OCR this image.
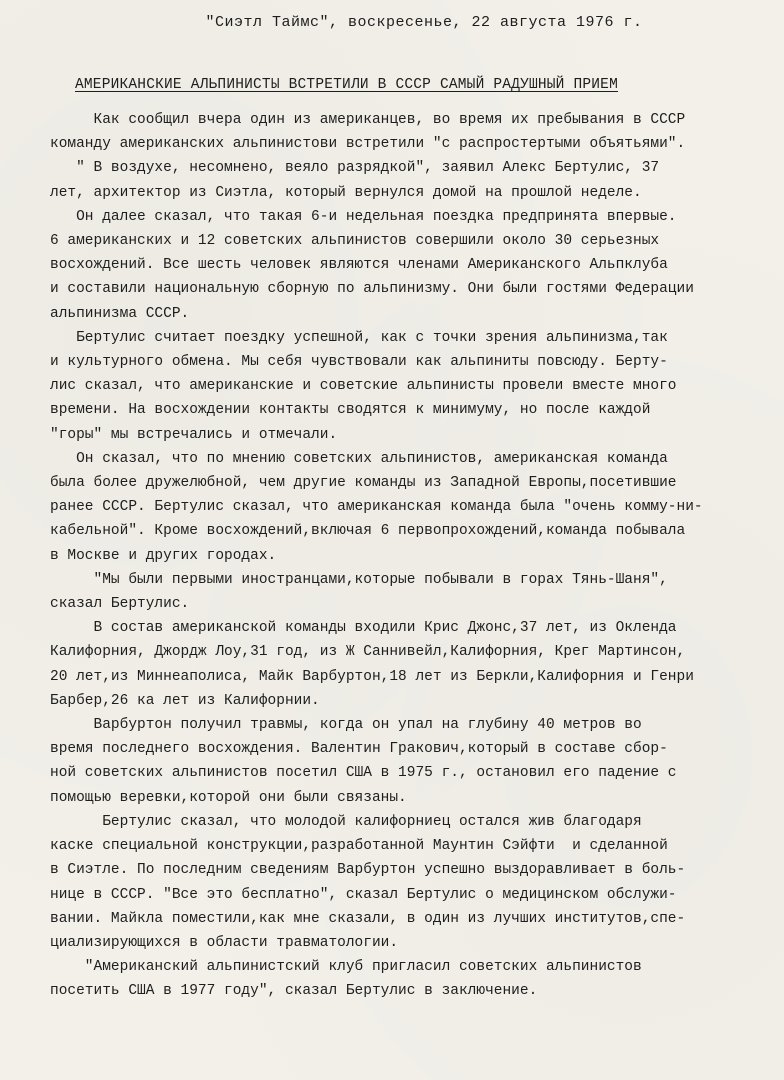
"Сиэтл Таймс", воскресенье, 22 августа 1976 г.
АМЕРИКАНСКИЕ АЛЬПИНИСТЫ ВСТРЕТИЛИ В СССР САМЫЙ РАДУШНЫЙ ПРИЕМ
Как сообщил вчера один из американцев, во время их пребывания в СССР
команду американских альпинистови встретили "с распростертыми объятьями".
" В воздухе, несомнено, веяло разрядкой", заявил Алекс Бертулис, 37
лет, архитектор из Сиэтла, который вернулся домой на прошлой неделе.
Он далее сказал, что такая 6-и недельная поездка предпринята впервые.
6 американских и 12 советских альпинистов совершили около 30 серьезных
восхождений. Все шесть человек являются членами Американского Альпклуба
и составили национальную сборную по альпинизму. Они были гостями Федерации
альпинизма СССР.
Бертулис считает поездку успешной, как с точки зрения альпинизма,так
и культурного обмена. Мы себя чувствовали как альпиниты повсюду. Берту-
лис сказал, что американские и советские альпинисты провели вместе много
времени. На восхождении контакты сводятся к минимуму, но после каждой
"горы" мы встречались и отмечали.
Он сказал, что по мнению советских альпинистов, американская команда
была более дружелюбной, чем другие команды из Западной Европы,посетившие
ранее СССР. Бертулис сказал, что американская команда была "очень комму-ни-
кабельной". Кроме восхождений,включая 6 первопрохождений,команда побывала
в Москве и других городах.
"Мы были первыми иностранцами,которые побывали в горах Тянь-Шаня",
сказал Бертулис.
В состав американской команды входили Крис Джонс,37 лет, из Окленда
Калифорния, Джордж Лоу,31 год, из Ж Саннивейл,Калифорния, Крег Мартинсон,
20 лет,из Миннеаполиса, Майк Варбуртон,18 лет из Беркли,Калифорния и Генри
Барбер,26 ка лет из Калифорнии.
Варбуртон получил травмы, когда он упал на глубину 40 метров во
время последнего восхождения. Валентин Гракович,который в составе сбор-
ной советских альпинистов посетил США в 1975 г., остановил его падение с
помощью веревки,которой они были связаны.
Бертулис сказал, что молодой калифорниец остался жив благодаря
каске специальной конструкции,разработанной Маунтин Сэйфти  и сделанной
в Сиэтле. По последним сведениям Варбуртон успешно выздоравливает в боль-
нице в СССР. "Все это бесплатно", сказал Бертулис о медицинском обслужи-
вании. Майкла поместили,как мне сказали, в один из лучших институтов,спе-
циализирующихся в области травматологии.
"Американский альпинистский клуб пригласил советских альпинистов
посетить США в 1977 году", сказал Бертулис в заключение.
